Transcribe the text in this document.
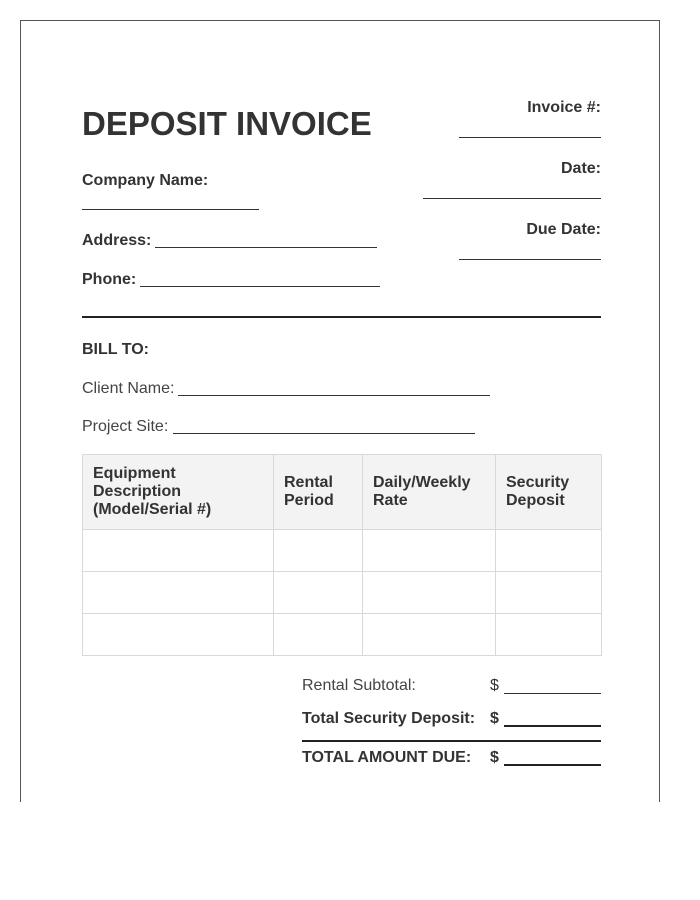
DEPOSIT INVOICE	Invoice #:
Date:
Due Date:
Company Name:
Address:
Phone:
BILL TO:
Client Name:
Project Site:
Equipment Description (Model/Serial #)	Rental Period	Daily/Weekly Rate	Security Deposit

Rental Subtotal:	$
Total Security Deposit: $
TOTAL AMOUNT DUE: $
